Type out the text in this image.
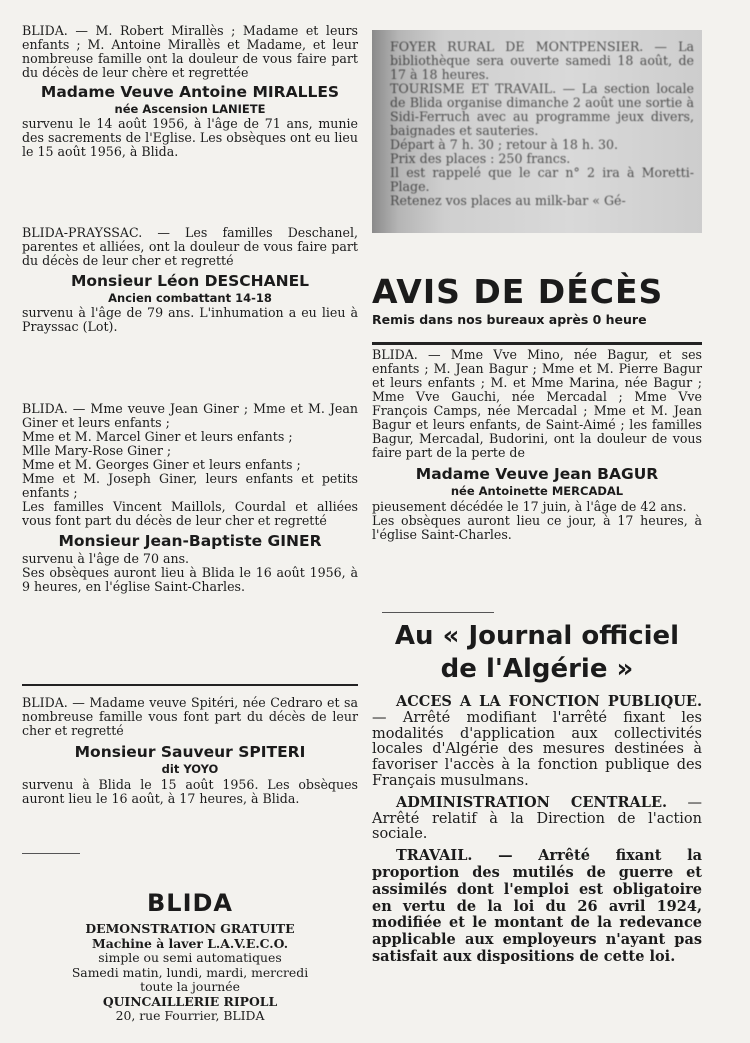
BLIDA. — M. Robert Mirallès ; Madame et leurs enfants ; M. Antoine Mirallès et Madame, et leur nombreuse famille ont la douleur de vous faire part du décès de leur chère et regrettée

Madame Veuve Antoine MIRALLES

née Ascension LANIETE

survenu le 14 août 1956, à l'âge de 71 ans, munie des sacrements de l'Eglise. Les obsèques ont eu lieu le 15 août 1956, à Blida.

BLIDA-PRAYSSAC. — Les familles Deschanel, parentes et alliées, ont la douleur de vous faire part du décès de leur cher et regretté

Monsieur Léon DESCHANEL

Ancien combattant 14-18

survenu à l'âge de 79 ans. L'inhumation a eu lieu à Prayssac (Lot).

BLIDA. — Mme veuve Jean Giner ; Mme et M. Jean Giner et leurs enfants ;
Mme et M. Marcel Giner et leurs enfants ;
Mlle Mary-Rose Giner ;
Mme et M. Georges Giner et leurs enfants ;
Mme et M. Joseph Giner, leurs enfants et petits enfants ;
Les familles Vincent Maillols, Courdal et alliées vous font part du décès de leur cher et regretté

Monsieur Jean-Baptiste GINER

survenu à l'âge de 70 ans.
Ses obsèques auront lieu à Blida le 16 août 1956, à 9 heures, en l'église Saint-Charles.

BLIDA. — Madame veuve Spitéri, née Cedraro et sa nombreuse famille vous font part du décès de leur cher et regretté

Monsieur Sauveur SPITERI

dit YOYO

survenu à Blida le 15 août 1956. Les obsèques auront lieu le 16 août, à 17 heures, à Blida.

BLIDA

DEMONSTRATION GRATUITE

Machine à laver L.A.V.E.C.O.

simple ou semi automatiques

Samedi matin, lundi, mardi, mercredi

toute la journée

QUINCAILLERIE RIPOLL

20, rue Fourrier, BLIDA

FOYER RURAL DE MONTPENSIER. — La bibliothèque sera ouverte samedi 18 août, de 17 à 18 heures.
TOURISME ET TRAVAIL. — La section locale de Blida organise dimanche 2 août une sortie à Sidi-Ferruch avec au programme jeux divers, baignades et sauteries.
Départ à 7 h. 30 ; retour à 18 h. 30.
Prix des places : 250 francs.
Il est rappelé que le car n° 2 ira à Moretti-Plage.
Retenez vos places au milk-bar « Gé-

AVIS DE DÉCÈS

Remis dans nos bureaux après 0 heure

BLIDA. — Mme Vve Mino, née Bagur, et ses enfants ; M. Jean Bagur ; Mme et M. Pierre Bagur et leurs enfants ; M. et Mme Marina, née Bagur ; Mme Vve Gauchi, née Mercadal ; Mme Vve François Camps, née Mercadal ; Mme et M. Jean Bagur et leurs enfants, de Saint-Aimé ; les familles Bagur, Mercadal, Budorini, ont la douleur de vous faire part de la perte de

Madame Veuve Jean BAGUR

née Antoinette MERCADAL

pieusement décédée le 17 juin, à l'âge de 42 ans.
Les obsèques auront lieu ce jour, à 17 heures, à l'église Saint-Charles.

Au « Journal officiel

de l'Algérie »

ACCES A LA FONCTION PUBLIQUE. — Arrêté modifiant l'arrêté fixant les modalités d'application aux collectivités locales d'Algérie des mesures destinées à favoriser l'accès à la fonction publique des Français musulmans.

ADMINISTRATION CENTRALE. — Arrêté relatif à la Direction de l'action sociale.

TRAVAIL. — Arrêté fixant la proportion des mutilés de guerre et assimilés dont l'emploi est obligatoire en vertu de la loi du 26 avril 1924, modifiée et le montant de la redevance applicable aux employeurs n'ayant pas satisfait aux dispositions de cette loi.
